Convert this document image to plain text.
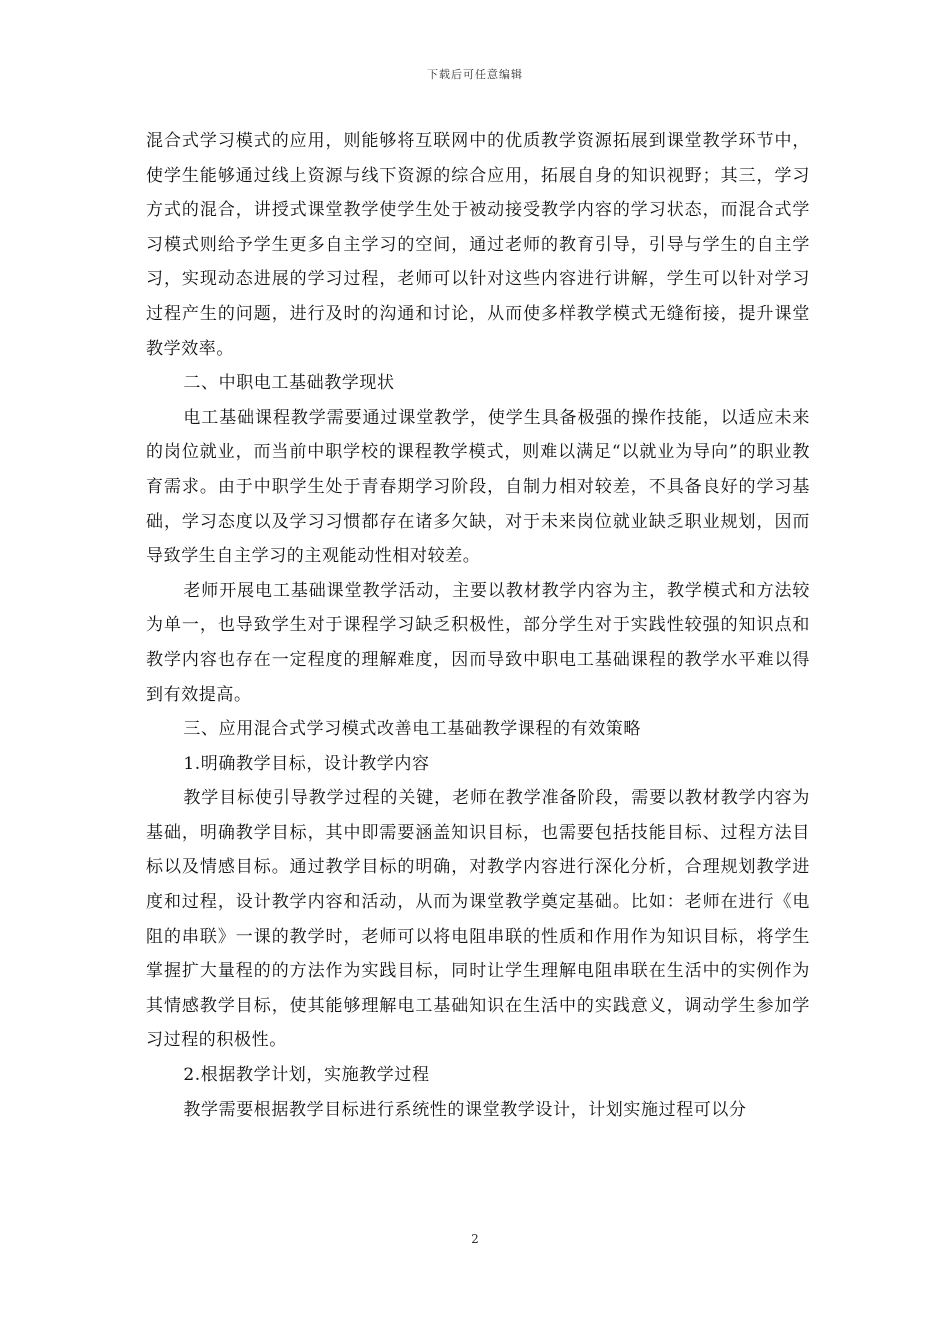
下载后可任意编辑

混合式学习模式的应用，则能够将互联网中的优质教学资源拓展到课堂教学环节中，使学生能够通过线上资源与线下资源的综合应用，拓展自身的知识视野；其三，学习方式的混合，讲授式课堂教学使学生处于被动接受教学内容的学习状态，而混合式学习模式则给予学生更多自主学习的空间，通过老师的教育引导，引导与学生的自主学习，实现动态进展的学习过程，老师可以针对这些内容进行讲解，学生可以针对学习过程产生的问题，进行及时的沟通和讨论，从而使多样教学模式无缝衔接，提升课堂教学效率。

二、中职电工基础教学现状

电工基础课程教学需要通过课堂教学，使学生具备极强的操作技能，以适应未来的岗位就业，而当前中职学校的课程教学模式，则难以满足“以就业为导向”的职业教育需求。由于中职学生处于青春期学习阶段，自制力相对较差，不具备良好的学习基础，学习态度以及学习习惯都存在诸多欠缺，对于未来岗位就业缺乏职业规划，因而导致学生自主学习的主观能动性相对较差。

老师开展电工基础课堂教学活动，主要以教材教学内容为主，教学模式和方法较为单一，也导致学生对于课程学习缺乏积极性，部分学生对于实践性较强的知识点和教学内容也存在一定程度的理解难度，因而导致中职电工基础课程的教学水平难以得到有效提高。

三、应用混合式学习模式改善电工基础教学课程的有效策略

1.明确教学目标，设计教学内容

教学目标使引导教学过程的关键，老师在教学准备阶段，需要以教材教学内容为基础，明确教学目标，其中即需要涵盖知识目标，也需要包括技能目标、过程方法目标以及情感目标。通过教学目标的明确，对教学内容进行深化分析，合理规划教学进度和过程，设计教学内容和活动，从而为课堂教学奠定基础。比如：老师在进行《电阻的串联》一课的教学时，老师可以将电阻串联的性质和作用作为知识目标，将学生掌握扩大量程的的方法作为实践目标，同时让学生理解电阻串联在生活中的实例作为其情感教学目标，使其能够理解电工基础知识在生活中的实践意义，调动学生参加学习过程的积极性。

2.根据教学计划，实施教学过程

教学需要根据教学目标进行系统性的课堂教学设计，计划实施过程可以分

2
